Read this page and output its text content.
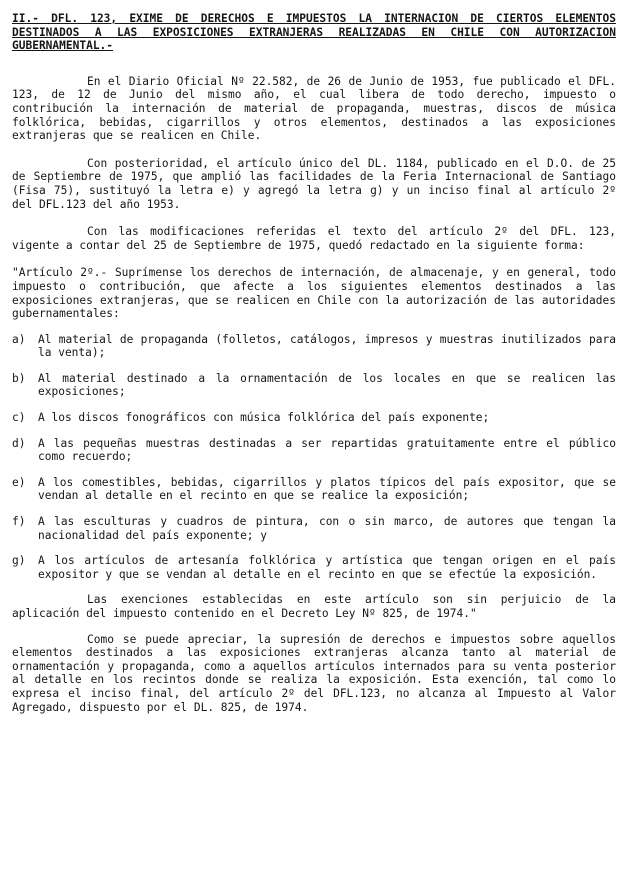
II.- DFL. 123, EXIME DE DERECHOS E IMPUESTOS LA INTERNACION DE CIERTOS ELEMENTOS DESTINADOS A LAS EXPOSICIONES EXTRANJERAS REALIZADAS EN CHILE CON AUTORIZACION GUBERNAMENTAL.-

En el Diario Oficial Nº 22.582, de 26 de Junio de 1953, fue publicado el DFL. 123, de 12 de Junio del mismo año, el cual libera de todo derecho, impuesto o contribución la internación de material de propaganda, muestras, discos de música folklórica, bebidas, cigarrillos y otros elementos, destinados a las exposiciones extranjeras que se realicen en Chile.

Con posterioridad, el artículo único del DL. 1184, publicado en el D.O. de 25 de Septiembre de 1975, que amplió las facilidades de la Feria Internacional de Santiago (Fisa 75), sustituyó la letra e) y agregó la letra g) y un inciso final al artículo 2º del DFL.123 del año 1953.

Con las modificaciones referidas el texto del artículo 2º del DFL. 123, vigente a contar del 25 de Septiembre de 1975, quedó redactado en la siguiente forma:

"Artículo 2º.- Suprímense los derechos de internación, de almacenaje, y en general, todo impuesto o contribución, que afecte a los siguientes elementos destinados a las exposiciones extranjeras, que se realicen en Chile con la autorización de las autoridades gubernamentales:
a)	Al material de propaganda (folletos, catálogos, impresos y muestras inutilizados para la venta);
b)	Al material destinado a la ornamentación de los locales en que se realicen las exposiciones;
c)	A los discos fonográficos con música folklórica del país exponente;
d)	A las pequeñas muestras destinadas a ser repartidas gratuitamente entre el público como recuerdo;
e)	A los comestibles, bebidas, cigarrillos y platos típicos del país expositor, que se vendan al detalle en el recinto en que se realice la exposición;
f)	A las esculturas y cuadros de pintura, con o sin marco, de autores que tengan la nacionalidad del país exponente; y
g)	A los artículos de artesanía folklórica y artística que tengan origen en el país expositor y que se vendan al detalle en el recinto en que se efectúe la exposición.

Las exenciones establecidas en este artículo son sin perjuicio de la aplicación del impuesto contenido en el Decreto Ley Nº 825, de 1974."

Como se puede apreciar, la supresión de derechos e impuestos sobre aquellos elementos destinados a las exposiciones extranjeras alcanza tanto al material de ornamentación y propaganda, como a aquellos artículos internados para su venta posterior al detalle en los recintos donde se realiza la exposición. Esta exención, tal como lo expresa el inciso final, del artículo 2º del DFL.123, no alcanza al Impuesto al Valor Agregado, dispuesto por el DL. 825, de 1974.
